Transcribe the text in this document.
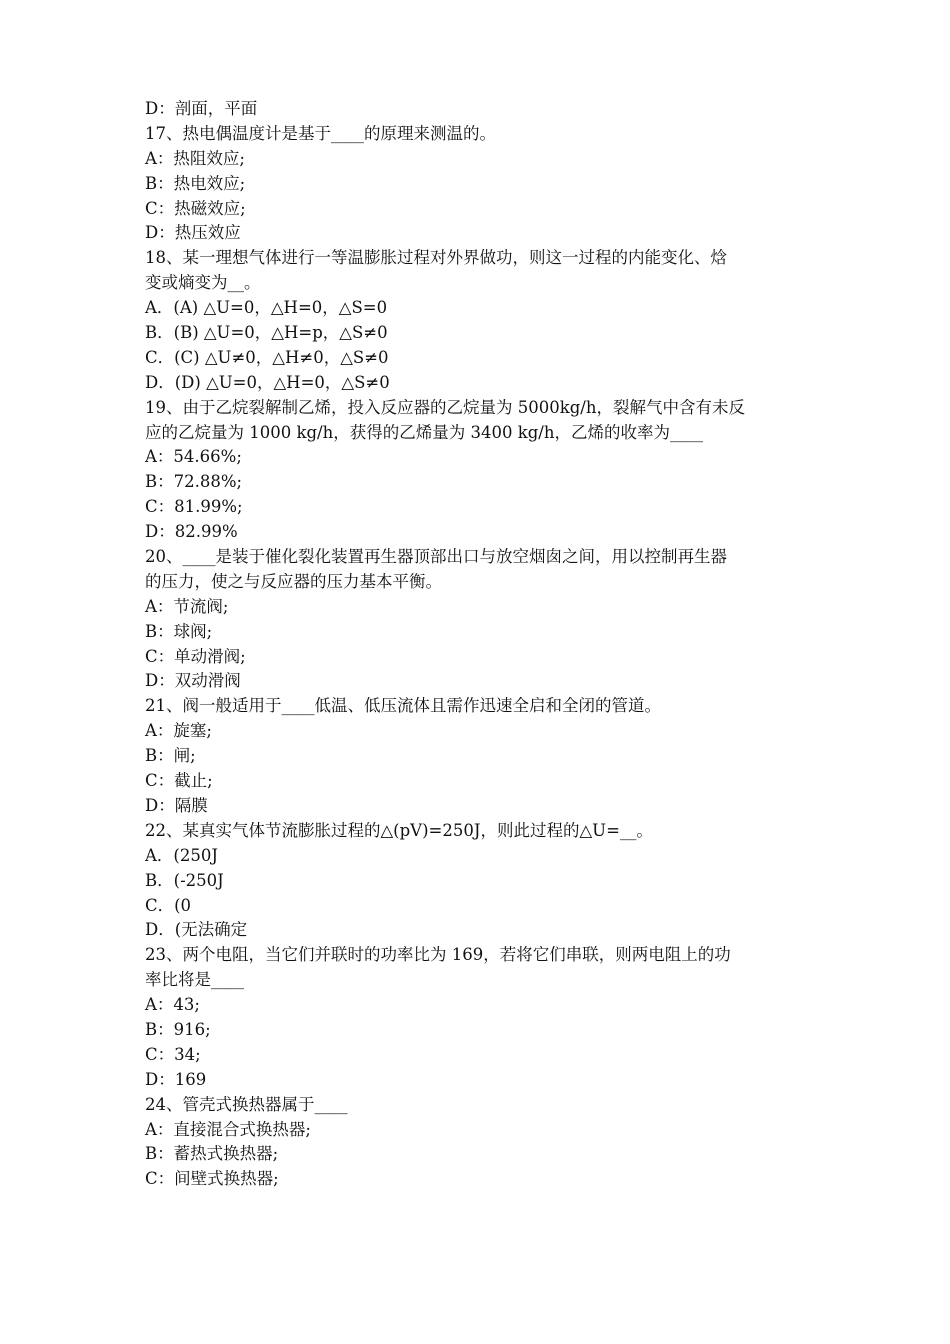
D：剖面，平面
17、热电偶温度计是基于____的原理来测温的。
A：热阻效应;
B：热电效应;
C：热磁效应;
D：热压效应
18、某一理想气体进行一等温膨胀过程对外界做功，则这一过程的内能变化、焓
变或熵变为__。
A．(A) △U=0，△H=0，△S=0
B．(B) △U=0，△H=p，△S≠0
C．(C) △U≠0，△H≠0，△S≠0
D．(D) △U=0，△H=0，△S≠0
19、由于乙烷裂解制乙烯，投入反应器的乙烷量为 5000kg/h，裂解气中含有未反
应的乙烷量为 1000 kg/h，获得的乙烯量为 3400 kg/h，乙烯的收率为____
A：54.66%;
B：72.88%;
C：81.99%;
D：82.99%
20、____是装于催化裂化装置再生器顶部出口与放空烟囱之间，用以控制再生器
的压力，使之与反应器的压力基本平衡。
A：节流阀;
B：球阀;
C：单动滑阀;
D：双动滑阀
21、阀一般适用于____低温、低压流体且需作迅速全启和全闭的管道。
A：旋塞;
B：闸;
C：截止;
D：隔膜
22、某真实气体节流膨胀过程的△(pV)=250J，则此过程的△U=__。
A．(250J
B．(-250J
C．(0
D．(无法确定
23、两个电阻，当它们并联时的功率比为 169，若将它们串联，则两电阻上的功
率比将是____
A：43;
B：916;
C：34;
D：169
24、管壳式换热器属于____
A：直接混合式换热器;
B：蓄热式换热器;
C：间壁式换热器;
